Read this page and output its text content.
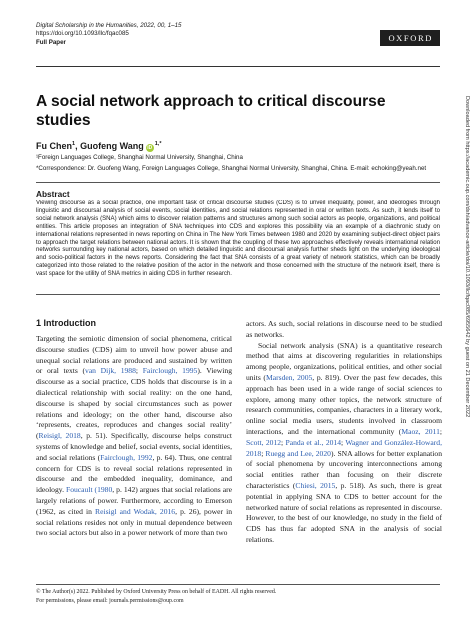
Digital Scholarship in the Humanities, 2022, 00, 1–15

https://doi.org/10.1093/llc/fqac085

Full Paper	OXFORD
A social network approach to critical discourse studies
Fu Chen$^1$, Guofeng Wang $iD^{1,*}$

¹Foreign Languages College, Shanghai Normal University, Shanghai, China

*Correspondence: Dr. Guofeng Wang, Foreign Languages College, Shanghai Normal University, Shanghai, China. E-mail: echoking@yeah.net

Abstract

Viewing discourse as a social practice, one important task of critical discourse studies (CDS) is to unveil inequality, power, and ideologies through linguistic and discoursal analysis of social events, social identities, and social relations represented in oral or written texts. As such, it lends itself to social network analysis (SNA) which aims to discover relation patterns and structures among such social actors as people, organizations, and political entities. This article proposes an integration of SNA techniques into CDS and explores this possibility via an example of a diachronic study on international relations represented in news reporting on China in The New York Times between 1980 and 2020 by examining subject-direct object pairs to approach the target relations between national actors. It is shown that the coupling of these two approaches effectively reveals international relation networks surrounding key national actors, based on which detailed linguistic and discoursal analysis further sheds light on the underlying ideological and socio-political factors in the news reports. Considering the fact that SNA consists of a great variety of network statistics, which can be broadly categorized into those related to the relative position of the actor in the network and those concerned with the structure of the network itself, there is vast space for the utility of SNA metrics in aiding CDS in further research.

1 Introduction

Targeting the semiotic dimension of social phenomena, critical discourse studies (CDS) aim to unveil how power abuse and unequal social relations are produced and sustained by written or oral texts (van Dijk, 1988; Fairclough, 1995). Viewing discourse as a social practice, CDS holds that discourse is in a dialectical relationship with social reality: on the one hand, discourse is shaped by social circumstances such as power relations and ideology; on the other hand, discourse also ‘represents, creates, reproduces and changes social reality’ (Reisigl, 2018, p. 51). Specifically, discourse helps construct systems of knowledge and belief, social events, social identities, and social relations (Fairclough, 1992, p. 64). Thus, one central concern for CDS is to reveal social relations represented in discourse and the embedded inequality, dominance, and ideology. Foucault (1980, p. 142) argues that social relations are largely relations of power. Furthermore, according to Emerson (1962, as cited in Reisigl and Wodak, 2016, p. 26), power in social relations resides not only in mutual dependence between two social actors but also in a power network of more than two

actors. As such, social relations in discourse need to be studied as networks.

Social network analysis (SNA) is a quantitative research method that aims at discovering regularities in relationships among people, organizations, political entities, and other social units (Marsden, 2005, p. 819). Over the past few decades, this approach has been used in a wide range of social sciences to explore, among many other topics, the network structure of research communities, companies, characters in a literary work, online social media users, students involved in classroom interactions, and the international community (Maoz, 2011; Scott, 2012; Panda et al., 2014; Wagner and González-Howard, 2018; Ruegg and Lee, 2020). SNA allows for better explanation of social phenomena by uncovering interconnections among social entities rather than focusing on their discrete characteristics (Chiesi, 2015, p. 518). As such, there is great potential in applying SNA to CDS to better account for the networked nature of social relations as represented in discourse. However, to the best of our knowledge, no study in the field of CDS has thus far adopted SNA in the analysis of social relations.

© The Author(s) 2022. Published by Oxford University Press on behalf of EADH. All rights reserved.

For permissions, please email: journals.permissions@oup.com

Downloaded from https://academic.oup.com/dsh/advance-article/doi/10.1093/llc/fqac085/6955642 by guest on 21 December 2022
